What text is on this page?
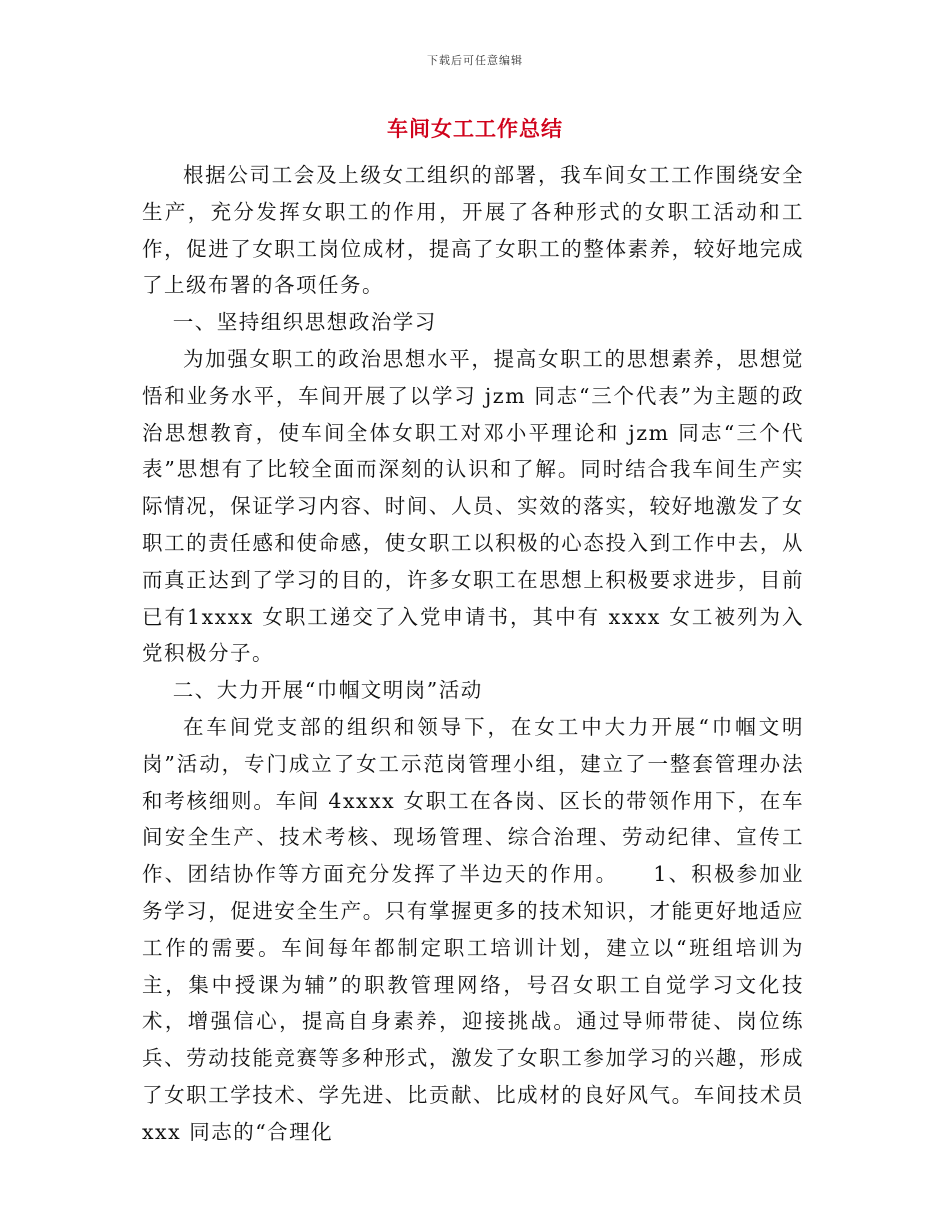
下载后可任意编辑
车间女工工作总结

根据公司工会及上级女工组织的部署，我车间女工工作围绕安全生产，充分发挥女职工的作用，开展了各种形式的女职工活动和工作，促进了女职工岗位成材，提高了女职工的整体素养，较好地完成了上级布署的各项任务。

一、坚持组织思想政治学习

为加强女职工的政治思想水平，提高女职工的思想素养，思想觉悟和业务水平，车间开展了以学习 jzm 同志“三个代表”为主题的政治思想教育，使车间全体女职工对邓小平理论和 jzm 同志“三个代表”思想有了比较全面而深刻的认识和了解。同时结合我车间生产实际情况，保证学习内容、时间、人员、实效的落实，较好地激发了女职工的责任感和使命感，使女职工以积极的心态投入到工作中去，从而真正达到了学习的目的，许多女职工在思想上积极要求进步，目前已有1xxxx 女职工递交了入党申请书，其中有 xxxx 女工被列为入党积极分子。

二、大力开展“巾帼文明岗”活动

在车间党支部的组织和领导下，在女工中大力开展“巾帼文明岗”活动，专门成立了女工示范岗管理小组，建立了一整套管理办法和考核细则。车间 4xxxx 女职工在各岗、区长的带领作用下，在车间安全生产、技术考核、现场管理、综合治理、劳动纪律、宣传工作、团结协作等方面充分发挥了半边天的作用。　　1、积极参加业务学习，促进安全生产。只有掌握更多的技术知识，才能更好地适应工作的需要。车间每年都制定职工培训计划，建立以“班组培训为主，集中授课为辅”的职教管理网络，号召女职工自觉学习文化技术，增强信心，提高自身素养，迎接挑战。通过导师带徒、岗位练兵、劳动技能竞赛等多种形式，激发了女职工参加学习的兴趣，形成了女职工学技术、学先进、比贡献、比成材的良好风气。车间技术员 xxx 同志的“合理化
